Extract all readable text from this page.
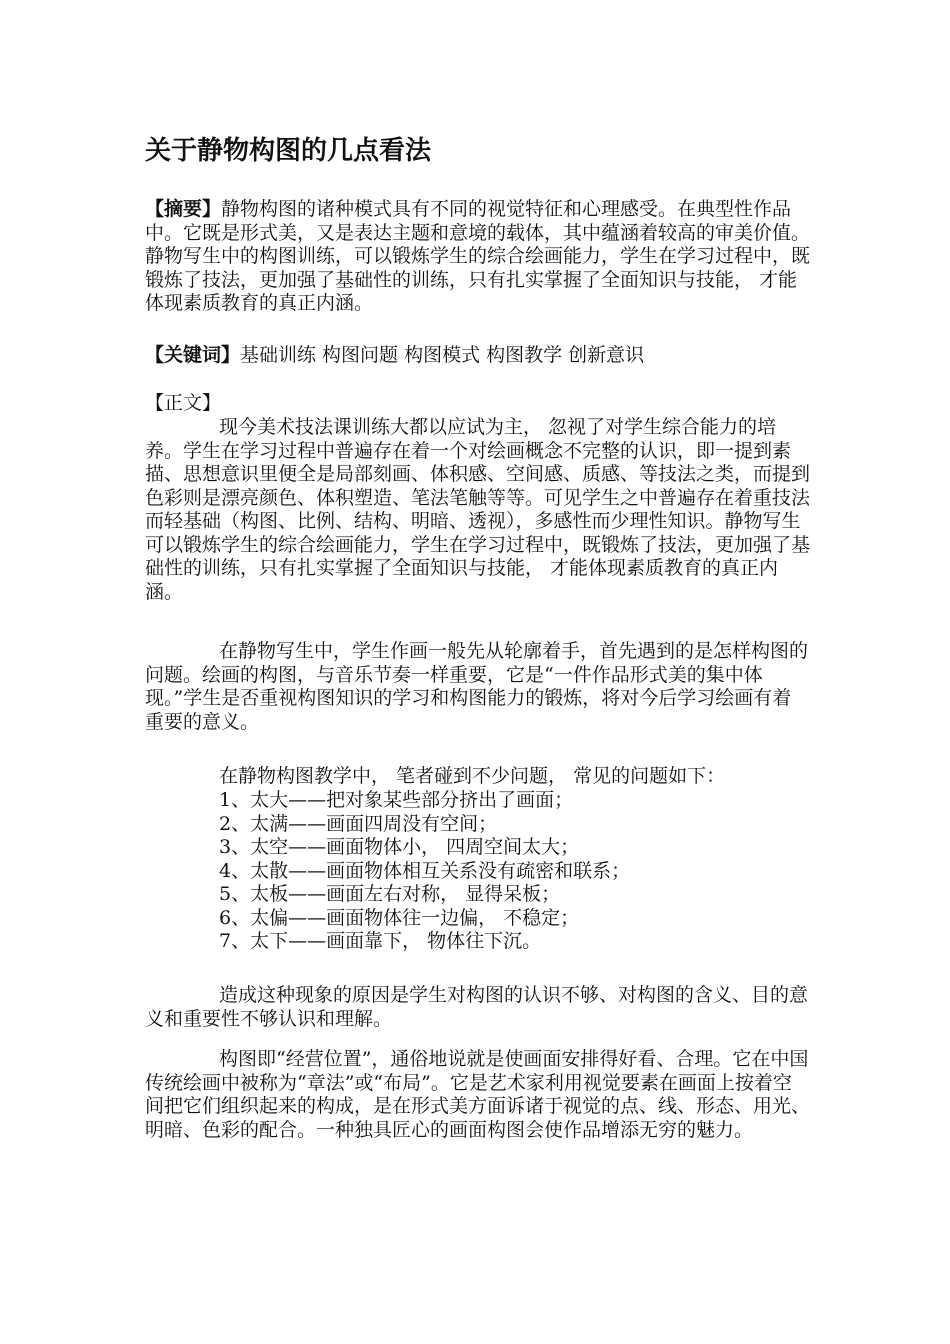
关于静物构图的几点看法

【摘要】静物构图的诸种模式具有不同的视觉特征和心理感受。在典型性作品中。它既是形式美，又是表达主题和意境的载体，其中蕴涵着较高的审美价值。静物写生中的构图训练，可以锻炼学生的综合绘画能力，学生在学习过程中，既锻炼了技法，更加强了基础性的训练，只有扎实掌握了全面知识与技能， 才能体现素质教育的真正内涵。

【关键词】基础训练 构图问题 构图模式 构图教学 创新意识

【正文】

现今美术技法课训练大都以应试为主， 忽视了对学生综合能力的培养。学生在学习过程中普遍存在着一个对绘画概念不完整的认识，即一提到素描、思想意识里便全是局部刻画、体积感、空间感、质感、等技法之类，而提到色彩则是漂亮颜色、体积塑造、笔法笔触等等。可见学生之中普遍存在着重技法而轻基础（构图、比例、结构、明暗、透视），多感性而少理性知识。静物写生可以锻炼学生的综合绘画能力，学生在学习过程中，既锻炼了技法，更加强了基础性的训练，只有扎实掌握了全面知识与技能， 才能体现素质教育的真正内涵。

在静物写生中，学生作画一般先从轮廓着手，首先遇到的是怎样构图的问题。绘画的构图，与音乐节奏一样重要，它是“一件作品形式美的集中体现。”学生是否重视构图知识的学习和构图能力的锻炼，将对今后学习绘画有着重要的意义。

在静物构图教学中， 笔者碰到不少问题， 常见的问题如下：

1、太大——把对象某些部分挤出了画面；
2、太满——画面四周没有空间；
3、太空——画面物体小， 四周空间太大；
4、太散——画面物体相互关系没有疏密和联系；
5、太板——画面左右对称， 显得呆板；
6、太偏——画面物体往一边偏， 不稳定；
7、太下——画面靠下， 物体往下沉。

造成这种现象的原因是学生对构图的认识不够、对构图的含义、目的意义和重要性不够认识和理解。

构图即“经营位置”，通俗地说就是使画面安排得好看、合理。它在中国传统绘画中被称为“章法”或“布局”。它是艺术家利用视觉要素在画面上按着空间把它们组织起来的构成，是在形式美方面诉诸于视觉的点、线、形态、用光、明暗、色彩的配合。一种独具匠心的画面构图会使作品增添无穷的魅力。
